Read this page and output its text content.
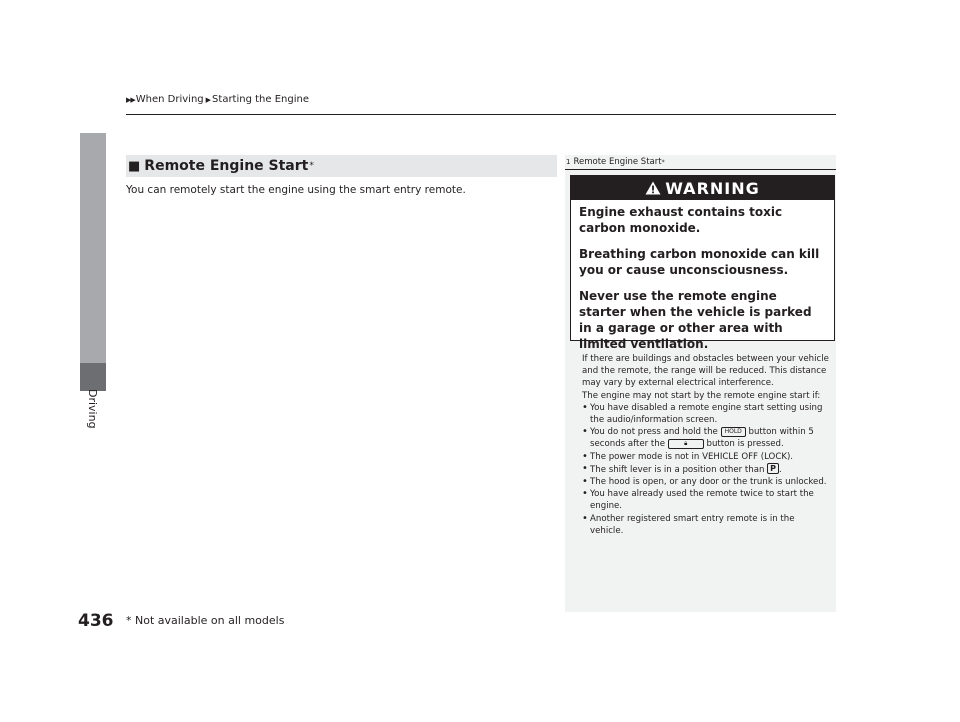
▶▶ When Driving ▶ Starting the Engine
Driving
■ Remote Engine Start *
You can remotely start the engine using the smart entry remote.
1 Remote Engine Start *
WARNING

Engine exhaust contains toxic carbon monoxide.

Breathing carbon monoxide can kill you or cause unconsciousness.

Never use the remote engine starter when the vehicle is parked in a garage or other area with limited ventilation.

If there are buildings and obstacles between your vehicle and the remote, the range will be reduced. This distance may vary by external electrical interference.

The engine may not start by the remote engine start if:

• You have disabled a remote engine start setting using the audio/information screen.
• You do not press and hold the HOLD button within 5 seconds after the	🔒︎ button is pressed.
• The power mode is not in VEHICLE OFF (LOCK).
• The shift lever is in a position other than P .
• The hood is open, or any door or the trunk is unlocked.
• You have already used the remote twice to start the engine.
• Another registered smart entry remote is in the vehicle.
436 * Not available on all models
